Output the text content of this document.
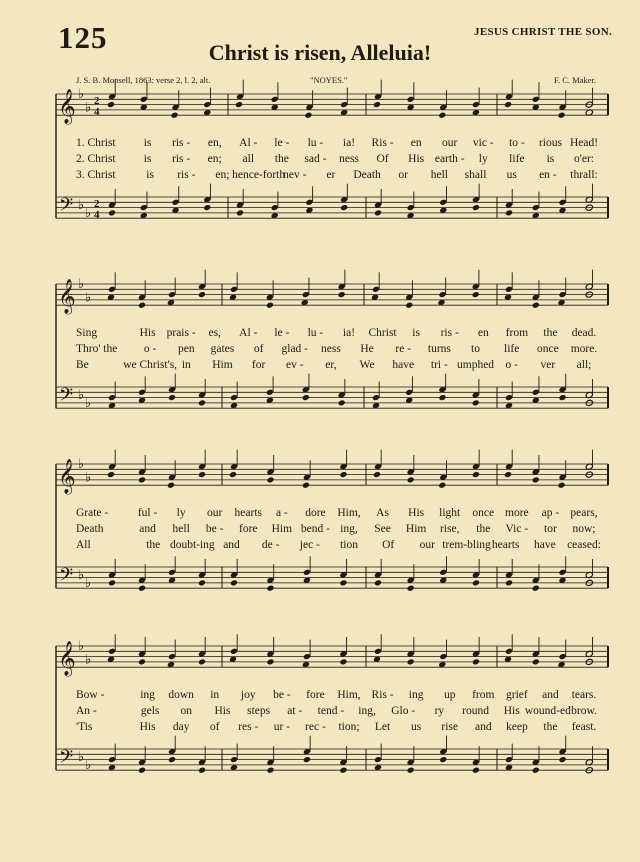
125	JESUS CHRIST THE SON.
Christ is risen, Alleluia!
J. S. B. Monsell, 1863: verse 2, l. 2, alt.	"NOYES."	F. C. Maker.
𝄞
𝄢
♭
♭
♭
♭
2
4
2
4
𝄞
𝄢
♭
♭
♭
♭
𝄞
𝄢
♭
♭
♭
♭
𝄞
𝄢
♭
♭
♭
♭
1. Christ is ris - en, Al - le - lu - ia! Ris - en our vic - to - rious Head!
2. Christ is ris - en; all the sad - ness Of His earth - ly life is o'er:
3. Christ	is ris - en; hence-forth
nev - er Death or hell shall us en - thrall:
Sing	His prais - es, Al - le - lu - ia! Christ is ris - en from the dead.
Thro' the o - pen gates of glad - ness He re - turns to life once more.
Be	we Christ's, in Him for ev - er, We have tri - umphed o - ver all;
Grate -	ful - ly our hearts a - dore Him, As His light once more ap - pears,
Death	and hell be - fore Him bend - ing, See Him rise, the Vic - tor now;
All	the doubt-ing and de - jec - tion Of our trem-bling hearts have ceased:
Bow -	ing down in joy be - fore Him, Ris - ing up from grief and tears.
An -	gels on His steps at - tend - ing, Glo - ry round His wound-ed brow.
'Tis	His day of res - ur - rec - tion; Let us rise and keep the feast.
